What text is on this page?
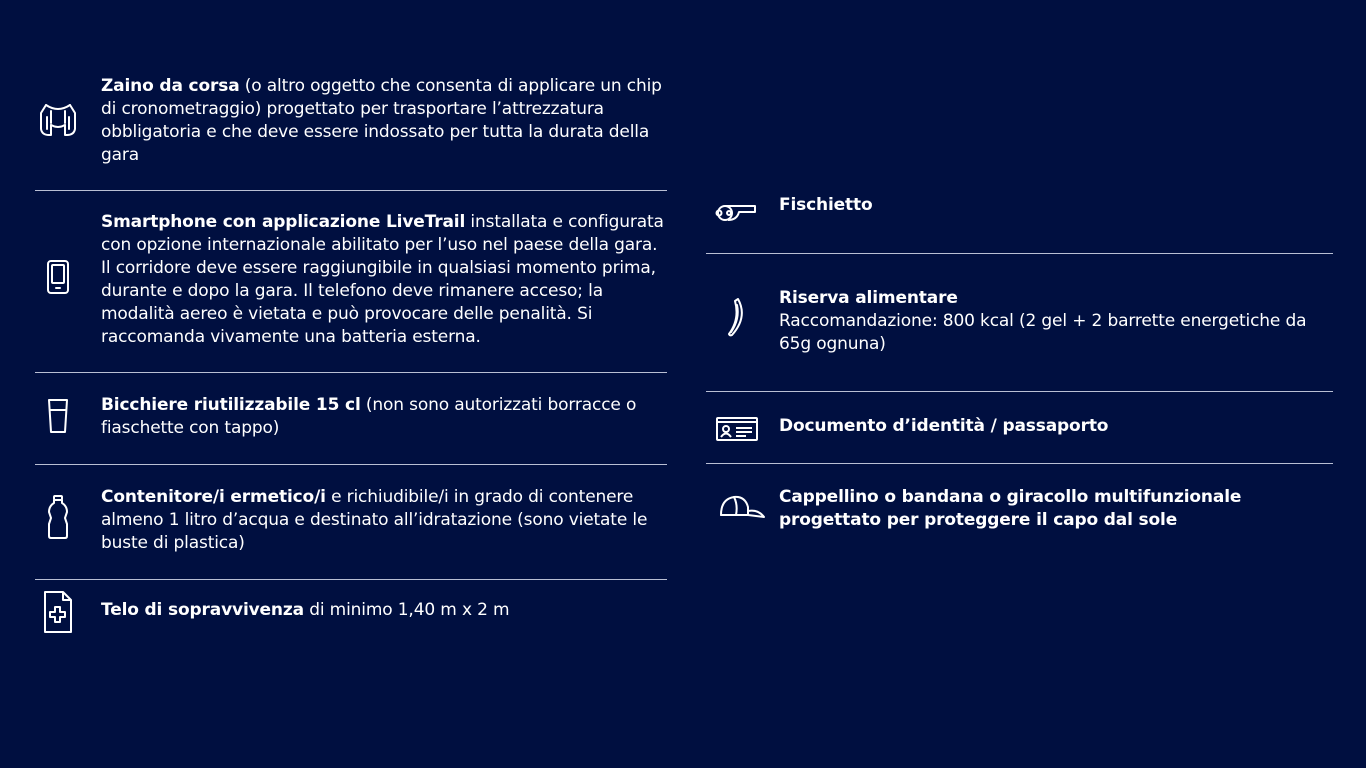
Zaino da corsa (o altro oggetto che consenta di applicare un chip di cronometraggio) progettato per trasportare l’attrezzatura obbligatoria e che deve essere indossato per tutta la durata della gara
Smartphone con applicazione LiveTrail installata e configurata con opzione internazionale abilitato per l’uso nel paese della gara. Il corridore deve essere raggiungibile in qualsiasi momento prima, durante e dopo la gara. Il telefono deve rimanere acceso; la modalità aereo è vietata e può provocare delle penalità. Si raccomanda vivamente una batteria esterna.
Bicchiere riutilizzabile 15 cl (non sono autorizzati borracce o fiaschette con tappo)
Contenitore/i ermetico/i e richiudibile/i in grado di contenere almeno 1 litro d’acqua e destinato all’idratazione (sono vietate le buste di plastica)
Telo di sopravvivenza di minimo 1,40 m x 2 m
Fischietto
Riserva alimentare
Raccomandazione: 800 kcal (2 gel + 2 barrette energetiche da 65g ognuna)
Documento d’identità / passaporto
Cappellino o bandana o giracollo multifunzionale progettato per proteggere il capo dal sole
